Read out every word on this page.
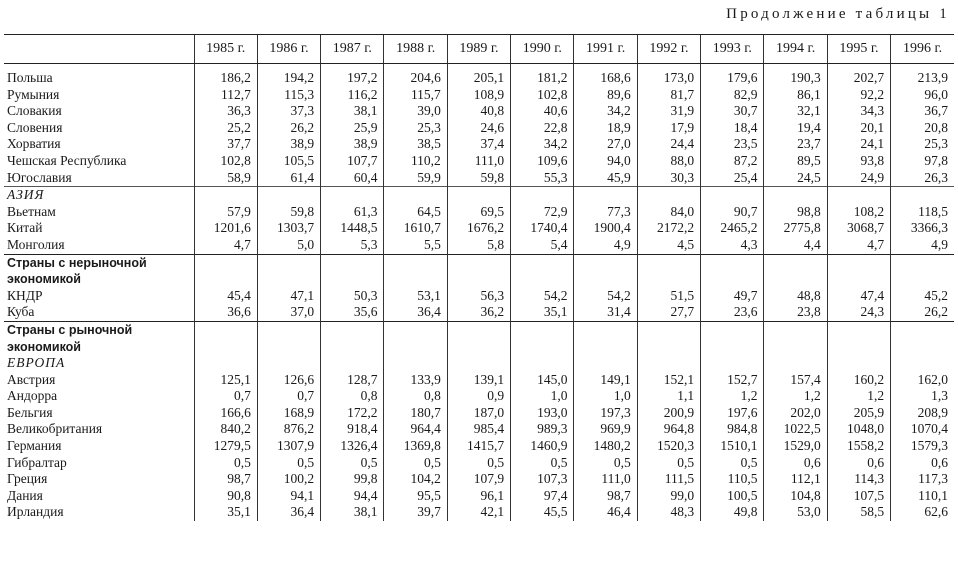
Продолжение таблицы 1
	1985 г.	1986 г.	1987 г.	1988 г.	1989 г.	1990 г.	1991 г.	1992 г.	1993 г.	1994 г.	1995 г.	1996 г.

Польша	186,2	194,2	197,2	204,6	205,1	181,2	168,6	173,0	179,6	190,3	202,7	213,9
Румыния	112,7	115,3	116,2	115,7	108,9	102,8	89,6	81,7	82,9	86,1	92,2	96,0
Словакия	36,3	37,3	38,1	39,0	40,8	40,6	34,2	31,9	30,7	32,1	34,3	36,7
Словения	25,2	26,2	25,9	25,3	24,6	22,8	18,9	17,9	18,4	19,4	20,1	20,8
Хорватия	37,7	38,9	38,9	38,5	37,4	34,2	27,0	24,4	23,5	23,7	24,1	25,3
Чешская Республика	102,8	105,5	107,7	110,2	111,0	109,6	94,0	88,0	87,2	89,5	93,8	97,8
Югославия	58,9	61,4	60,4	59,9	59,8	55,3	45,9	30,3	25,4	24,5	24,9	26,3
АЗИЯ												
Вьетнам	57,9	59,8	61,3	64,5	69,5	72,9	77,3	84,0	90,7	98,8	108,2	118,5
Китай	1201,6	1303,7	1448,5	1610,7	1676,2	1740,4	1900,4	2172,2	2465,2	2775,8	3068,7	3366,3
Монголия	4,7	5,0	5,3	5,5	5,8	5,4	4,9	4,5	4,3	4,4	4,7	4,9
Страны с нерыночной												
экономикой												
КНДР	45,4	47,1	50,3	53,1	56,3	54,2	54,2	51,5	49,7	48,8	47,4	45,2
Куба	36,6	37,0	35,6	36,4	36,2	35,1	31,4	27,7	23,6	23,8	24,3	26,2
Страны с рыночной												
экономикой												
ЕВРОПА												
Австрия	125,1	126,6	128,7	133,9	139,1	145,0	149,1	152,1	152,7	157,4	160,2	162,0
Андорра	0,7	0,7	0,8	0,8	0,9	1,0	1,0	1,1	1,2	1,2	1,2	1,3
Бельгия	166,6	168,9	172,2	180,7	187,0	193,0	197,3	200,9	197,6	202,0	205,9	208,9
Великобритания	840,2	876,2	918,4	964,4	985,4	989,3	969,9	964,8	984,8	1022,5	1048,0	1070,4
Германия	1279,5	1307,9	1326,4	1369,8	1415,7	1460,9	1480,2	1520,3	1510,1	1529,0	1558,2	1579,3
Гибралтар	0,5	0,5	0,5	0,5	0,5	0,5	0,5	0,5	0,5	0,6	0,6	0,6
Греция	98,7	100,2	99,8	104,2	107,9	107,3	111,0	111,5	110,5	112,1	114,3	117,3
Дания	90,8	94,1	94,4	95,5	96,1	97,4	98,7	99,0	100,5	104,8	107,5	110,1
Ирландия	35,1	36,4	38,1	39,7	42,1	45,5	46,4	48,3	49,8	53,0	58,5	62,6
